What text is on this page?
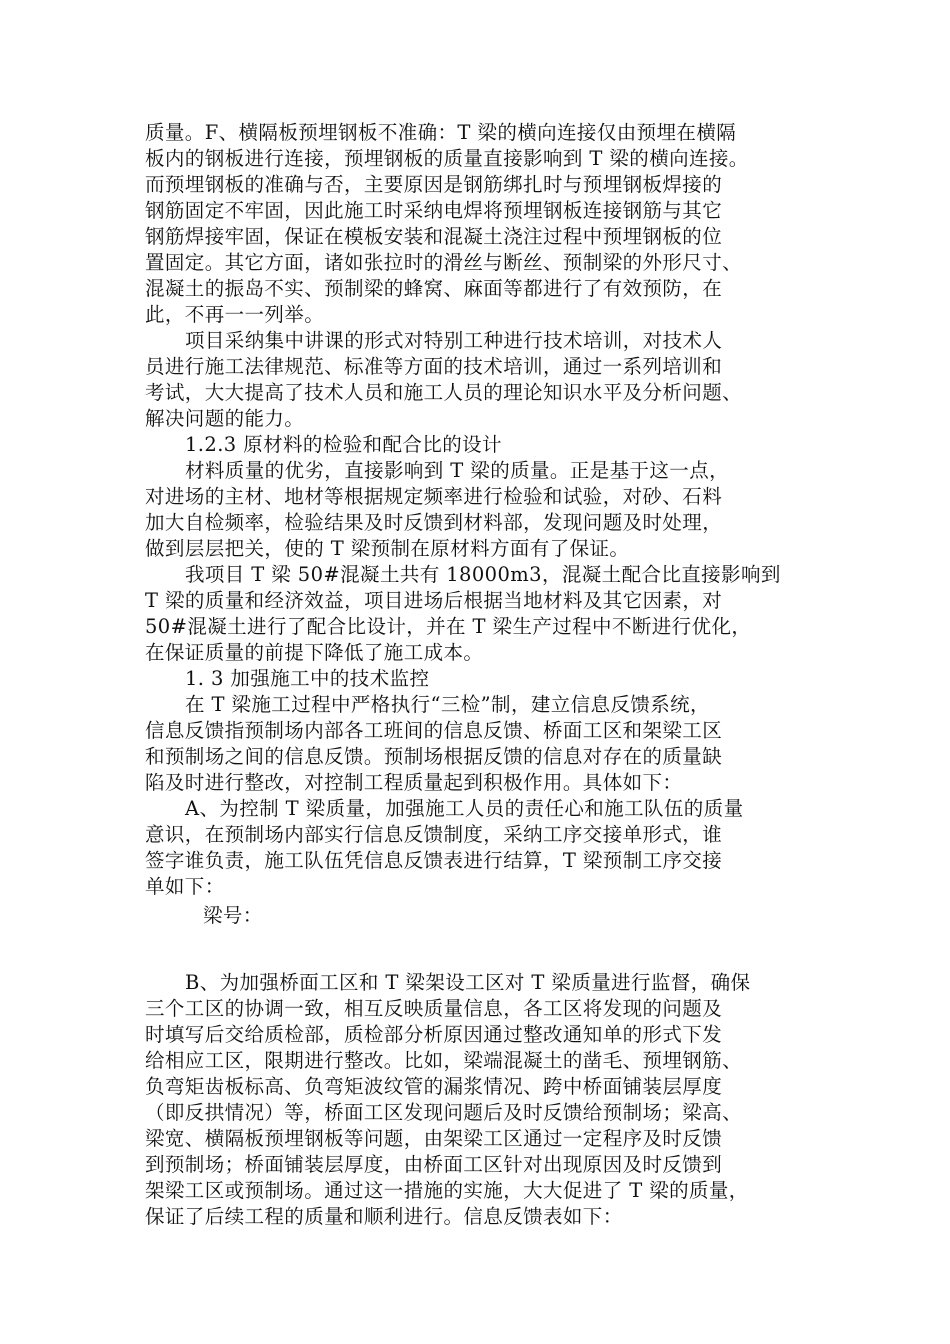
质量。F、横隔板预埋钢板不准确：T 梁的横向连接仅由预埋在横隔
板内的钢板进行连接，预埋钢板的质量直接影响到 T 梁的横向连接。
而预埋钢板的准确与否，主要原因是钢筋绑扎时与预埋钢板焊接的
钢筋固定不牢固，因此施工时采纳电焊将预埋钢板连接钢筋与其它
钢筋焊接牢固，保证在模板安装和混凝土浇注过程中预埋钢板的位
置固定。其它方面，诸如张拉时的滑丝与断丝、预制梁的外形尺寸、
混凝土的振岛不实、预制梁的蜂窝、麻面等都进行了有效预防，在
此，不再一一列举。
项目采纳集中讲课的形式对特别工种进行技术培训，对技术人
员进行施工法律规范、标准等方面的技术培训，通过一系列培训和
考试，大大提高了技术人员和施工人员的理论知识水平及分析问题、
解决问题的能力。
1.2.3 原材料的检验和配合比的设计
材料质量的优劣，直接影响到 T 梁的质量。正是基于这一点，
对进场的主材、地材等根据规定频率进行检验和试验，对砂、石料
加大自检频率，检验结果及时反馈到材料部，发现问题及时处理，
做到层层把关，使的 T 梁预制在原材料方面有了保证。
我项目 T 梁 50#混凝土共有 18000m3，混凝土配合比直接影响到
T 梁的质量和经济效益，项目进场后根据当地材料及其它因素，对
50#混凝土进行了配合比设计，并在 T 梁生产过程中不断进行优化，
在保证质量的前提下降低了施工成本。
1. 3 加强施工中的技术监控
在 T 梁施工过程中严格执行“三检”制，建立信息反馈系统，
信息反馈指预制场内部各工班间的信息反馈、桥面工区和架梁工区
和预制场之间的信息反馈。预制场根据反馈的信息对存在的质量缺
陷及时进行整改，对控制工程质量起到积极作用。具体如下：
A、为控制 T 梁质量，加强施工人员的责任心和施工队伍的质量
意识，在预制场内部实行信息反馈制度，采纳工序交接单形式，谁
签字谁负责，施工队伍凭信息反馈表进行结算，T 梁预制工序交接
单如下：
梁号：
B、为加强桥面工区和 T 梁架设工区对 T 梁质量进行监督，确保
三个工区的协调一致，相互反映质量信息，各工区将发现的问题及
时填写后交给质检部，质检部分析原因通过整改通知单的形式下发
给相应工区，限期进行整改。比如，梁端混凝土的凿毛、预埋钢筋、
负弯矩齿板标高、负弯矩波纹管的漏浆情况、跨中桥面铺装层厚度
（即反拱情况）等，桥面工区发现问题后及时反馈给预制场；梁高、
梁宽、横隔板预埋钢板等问题，由架梁工区通过一定程序及时反馈
到预制场；桥面铺装层厚度，由桥面工区针对出现原因及时反馈到
架梁工区或预制场。通过这一措施的实施，大大促进了 T 梁的质量，
保证了后续工程的质量和顺利进行。信息反馈表如下：
